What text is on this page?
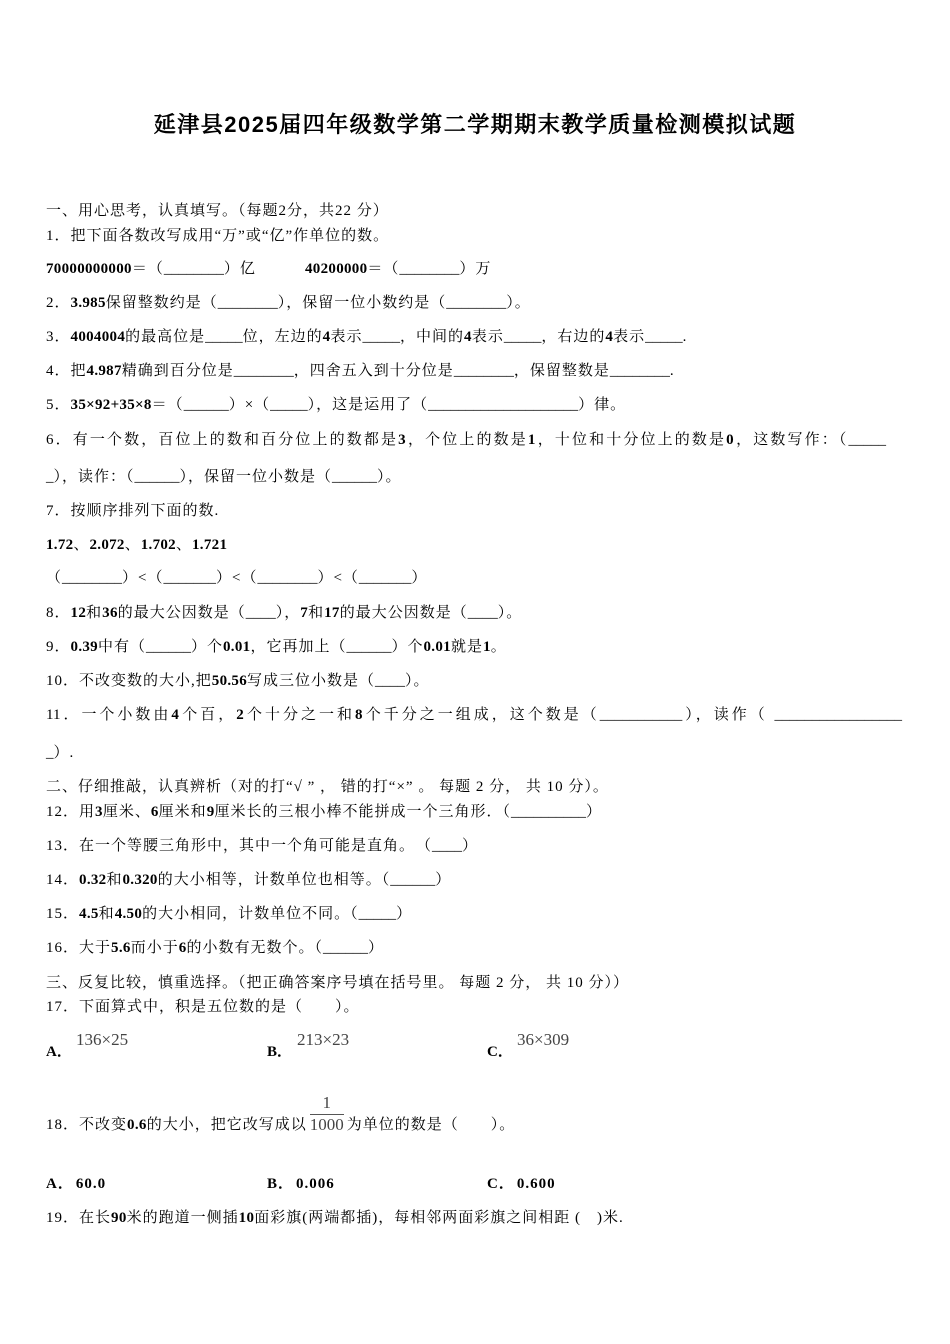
延津县2025届四年级数学第二学期期末教学质量检测模拟试题
一、用心思考，认真填写。（每题2分，共22 分）
1．把下面各数改写成用“万”或“亿”作单位的数。
70000000000＝（________）亿	40200000＝（________）万
2．3.985保留整数约是（________），保留一位小数约是（________）。
3．4004004的最高位是_____位，左边的4表示_____，中间的4表示_____，右边的4表示_____.
4．把4.987精确到百分位是________，四舍五入到十分位是________，保留整数是________.
5．35×92+35×8＝（______）×（_____），这是运用了（____________________）律。
6．有一个数，百位上的数和百分位上的数都是3，个位上的数是1，十位和十分位上的数是0，这数写作：（_____
_），读作：（______），保留一位小数是（______）。
7．按顺序排列下面的数.
1.72、2.072、1.702、1.721
（________）<（_______）<（________）<（_______）
8．12和36的最大公因数是（____），7和17的最大公因数是（____）。
9．0.39中有（______）个0.01，它再加上（______）个0.01就是1。
10．不改变数的大小,把50.56写成三位小数是（____）。
11．一个小数由4个百，2个十分之一和8个千分之一组成，这个数是（___________），读作（ _________________
_）.
二、仔细推敲，认真辨析（对的打“√ ” ， 错的打“×” 。 每题 2 分， 共 10 分）。
12．用3厘米、6厘米和9厘米长的三根小棒不能拼成一个三角形．（__________）
13．在一个等腰三角形中，其中一个角可能是直角。　（____）
14．0.32和0.320的大小相等，计数单位也相等。（______）
15．4.5和4.50的大小相同，计数单位不同。（_____）
16．大于5.6而小于6的小数有无数个。（______）
三、反复比较，慎重选择。（把正确答案序号填在括号里。 每题 2 分， 共 10 分））
17．下面算式中，积是五位数的是（　　）。
A．
136×25
B．
213×23
C．
36×309
18．不改变0.6的大小，把它改写成以 $\frac{1}{1000}$ 为单位的数是（　　）。
A． 60.0	B． 0.006	C． 0.600
19．在长90米的跑道一侧插10面彩旗(两端都插)，每相邻两面彩旗之间相距 (　)米.
